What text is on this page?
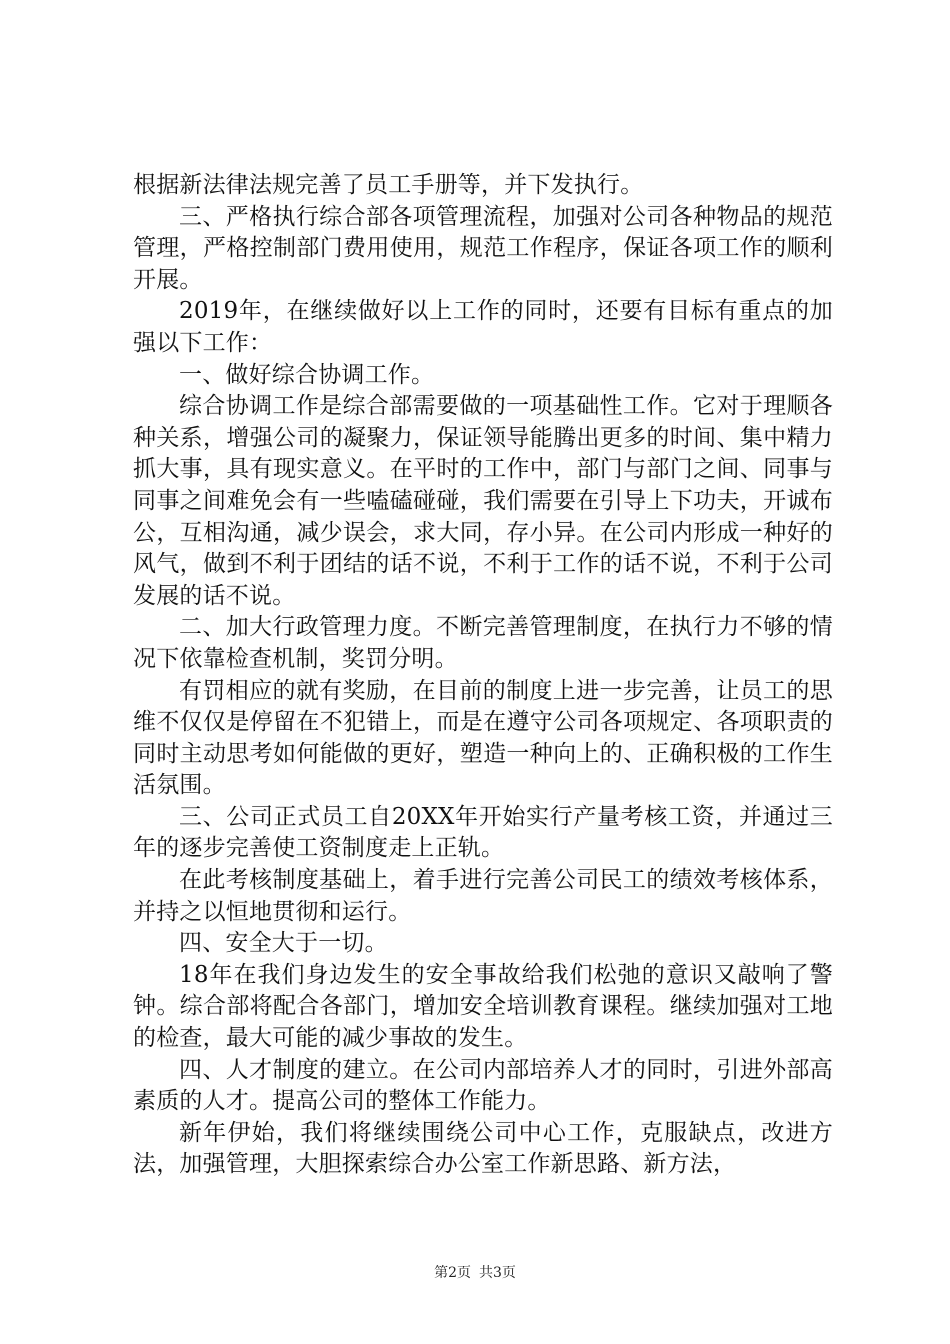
根据新法律法规完善了员工手册等，并下发执行。

三、严格执行综合部各项管理流程，加强对公司各种物品的规范管理，严格控制部门费用使用，规范工作程序，保证各项工作的顺利开展。

2019年，在继续做好以上工作的同时，还要有目标有重点的加强以下工作：

一、做好综合协调工作。

综合协调工作是综合部需要做的一项基础性工作。它对于理顺各种关系，增强公司的凝聚力，保证领导能腾出更多的时间、集中精力抓大事，具有现实意义。在平时的工作中，部门与部门之间、同事与同事之间难免会有一些嗑磕碰碰，我们需要在引导上下功夫，开诚布公，互相沟通，减少误会，求大同，存小异。在公司内形成一种好的风气，做到不利于团结的话不说，不利于工作的话不说，不利于公司发展的话不说。

二、加大行政管理力度。不断完善管理制度，在执行力不够的情况下依靠检查机制，奖罚分明。

有罚相应的就有奖励，在目前的制度上进一步完善，让员工的思维不仅仅是停留在不犯错上，而是在遵守公司各项规定、各项职责的同时主动思考如何能做的更好，塑造一种向上的、正确积极的工作生活氛围。

三、公司正式员工自20XX年开始实行产量考核工资，并通过三年的逐步完善使工资制度走上正轨。

在此考核制度基础上，着手进行完善公司民工的绩效考核体系，并持之以恒地贯彻和运行。

四、安全大于一切。

18年在我们身边发生的安全事故给我们松弛的意识又敲响了警钟。综合部将配合各部门，增加安全培训教育课程。继续加强对工地的检查，最大可能的减少事故的发生。

四、人才制度的建立。在公司内部培养人才的同时，引进外部高素质的人才。提高公司的整体工作能力。

新年伊始，我们将继续围绕公司中心工作，克服缺点，改进方法，加强管理，大胆探索综合办公室工作新思路、新方法，

第2页 共3页
